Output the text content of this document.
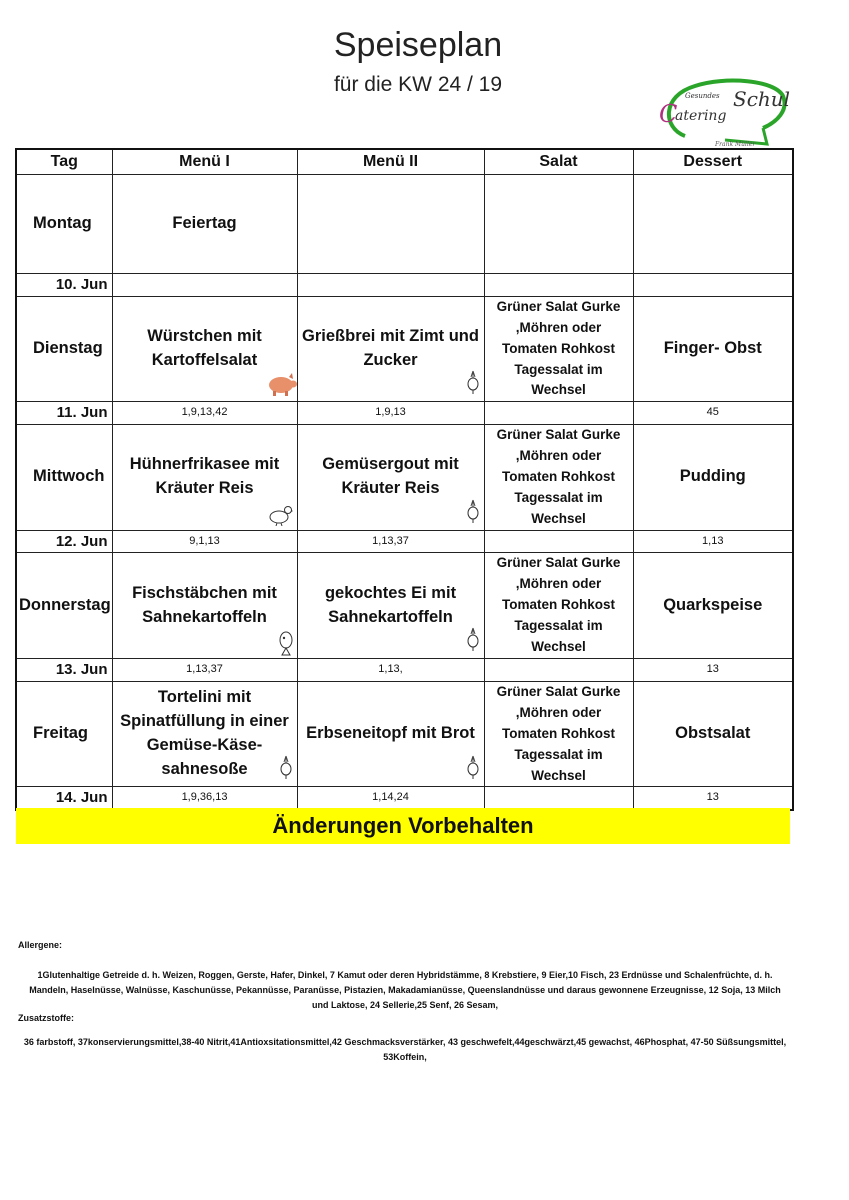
Speiseplan
für die KW 24 / 19	Gesundes Schul
C
atering
Frank Müller
Tag	Menü I	Menü II	Salat	Dessert
Montag	Feiertag			
10. Jun				
Dienstag	Würstchen mit Kartoffelsalat	Grießbrei mit Zimt und Zucker	Grüner Salat Gurke ,Möhren oder Tomaten Rohkost Tagessalat im Wechsel	Finger- Obst
11. Jun	1,9,13,42	1,9,13		45
Mittwoch	Hühnerfrikasee mit Kräuter Reis	Gemüsergout mit Kräuter Reis	Grüner Salat Gurke ,Möhren oder Tomaten Rohkost Tagessalat im Wechsel	Pudding
12. Jun	9,1,13	1,13,37		1,13
Donnerstag	Fischstäbchen mit Sahnekartoffeln	gekochtes Ei mit Sahnekartoffeln	Grüner Salat Gurke ,Möhren oder Tomaten Rohkost Tagessalat im Wechsel	Quarkspeise
13. Jun	1,13,37	1,13,		13
Freitag	Tortelini mit Spinatfüllung in einer Gemüse-Käse-sahnesoße	Erbseneitopf mit Brot	Grüner Salat Gurke ,Möhren oder Tomaten Rohkost Tagessalat im Wechsel	Obstsalat
14. Jun	1,9,36,13	1,14,24		13
Änderungen Vorbehalten
Allergene:
1Glutenhaltige Getreide d. h. Weizen, Roggen, Gerste, Hafer, Dinkel, 7 Kamut oder deren Hybridstämme, 8 Krebstiere, 9 Eier,10 Fisch, 23 Erdnüsse und Schalenfrüchte, d. h. Mandeln, Haselnüsse, Walnüsse, Kaschunüsse, Pekannüsse, Paranüsse, Pistazien, Makadamianüsse, Queenslandnüsse und daraus gewonnene Erzeugnisse, 12 Soja, 13 Milch und Laktose, 24 Sellerie,25 Senf, 26 Sesam,
Zusatzstoffe:
36 farbstoff, 37konservierungsmittel,38-40 Nitrit,41Antioxsitationsmittel,42 Geschmacksverstärker, 43 geschwefelt,44geschwärzt,45 gewachst, 46Phosphat, 47-50 Süßsungsmittel, 53Koffein,
